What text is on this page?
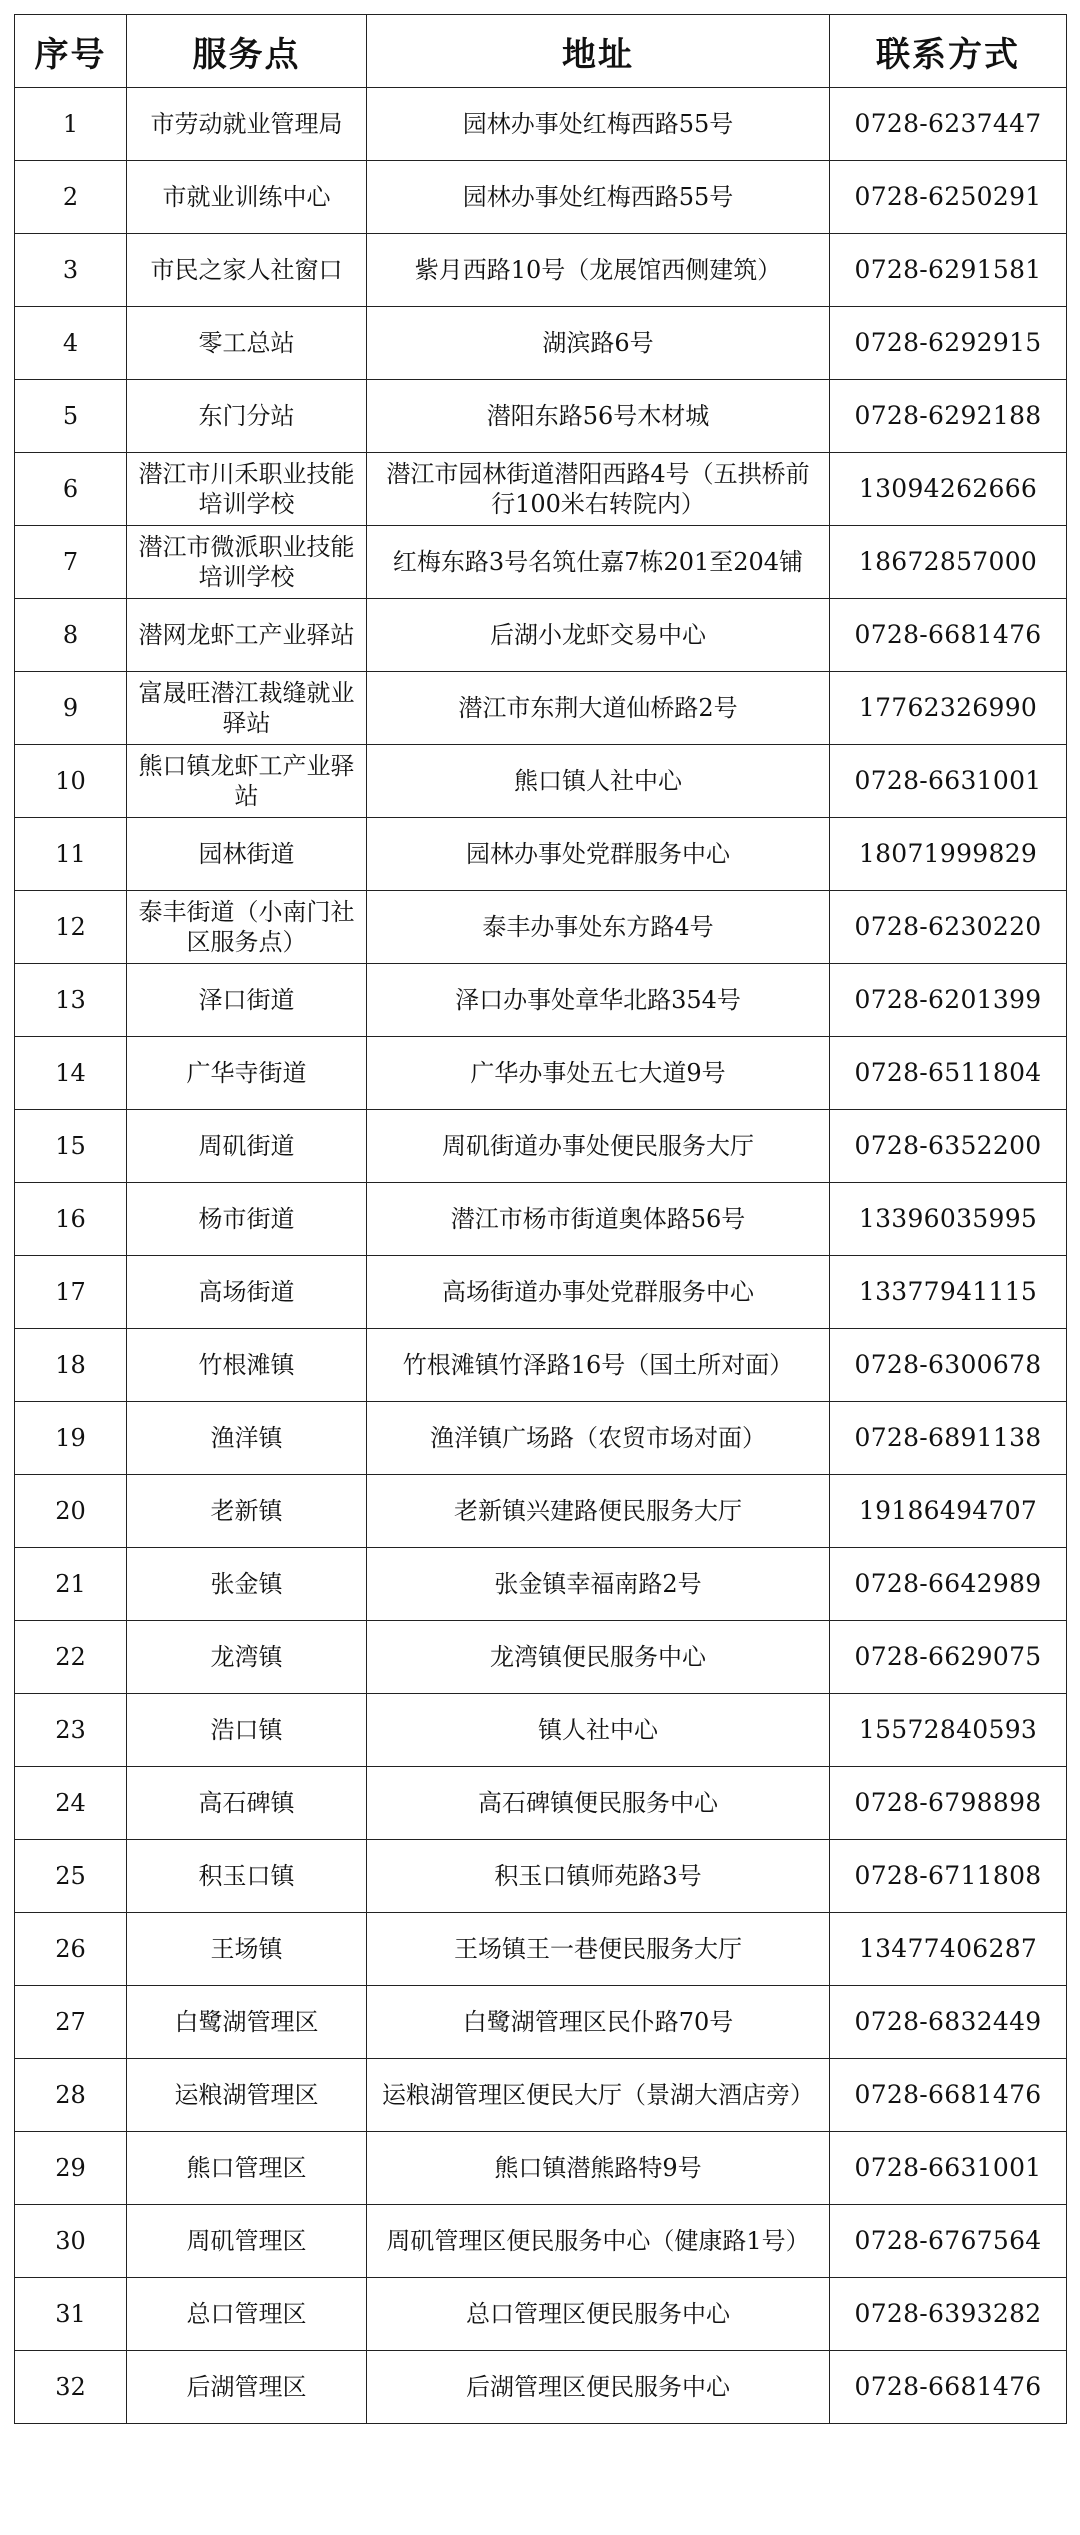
序号	服务点	地址	联系方式
1	市劳动就业管理局	园林办事处红梅西路55号	0728-6237447
2	市就业训练中心	园林办事处红梅西路55号	0728-6250291
3	市民之家人社窗口	紫月西路10号（龙展馆西侧建筑）	0728-6291581
4	零工总站	湖滨路6号	0728-6292915
5	东门分站	潜阳东路56号木材城	0728-6292188
6	潜江市川禾职业技能培训学校	潜江市园林街道潜阳西路4号（五拱桥前行100米右转院内）	13094262666
7	潜江市微派职业技能培训学校	红梅东路3号名筑仕嘉7栋201至204铺	18672857000
8	潜网龙虾工产业驿站	后湖小龙虾交易中心	0728-6681476
9	富晟旺潜江裁缝就业驿站	潜江市东荆大道仙桥路2号	17762326990
10	熊口镇龙虾工产业驿站	熊口镇人社中心	0728-6631001
11	园林街道	园林办事处党群服务中心	18071999829
12	泰丰街道（小南门社区服务点）	泰丰办事处东方路4号	0728-6230220
13	泽口街道	泽口办事处章华北路354号	0728-6201399
14	广华寺街道	广华办事处五七大道9号	0728-6511804
15	周矶街道	周矶街道办事处便民服务大厅	0728-6352200
16	杨市街道	潜江市杨市街道奥体路56号	13396035995
17	高场街道	高场街道办事处党群服务中心	13377941115
18	竹根滩镇	竹根滩镇竹泽路16号（国土所对面）	0728-6300678
19	渔洋镇	渔洋镇广场路（农贸市场对面）	0728-6891138
20	老新镇	老新镇兴建路便民服务大厅	19186494707
21	张金镇	张金镇幸福南路2号	0728-6642989
22	龙湾镇	龙湾镇便民服务中心	0728-6629075
23	浩口镇	镇人社中心	15572840593
24	高石碑镇	高石碑镇便民服务中心	0728-6798898
25	积玉口镇	积玉口镇师苑路3号	0728-6711808
26	王场镇	王场镇王一巷便民服务大厅	13477406287
27	白鹭湖管理区	白鹭湖管理区民仆路70号	0728-6832449
28	运粮湖管理区	运粮湖管理区便民大厅（景湖大酒店旁）	0728-6681476
29	熊口管理区	熊口镇潜熊路特9号	0728-6631001
30	周矶管理区	周矶管理区便民服务中心（健康路1号）	0728-6767564
31	总口管理区	总口管理区便民服务中心	0728-6393282
32	后湖管理区	后湖管理区便民服务中心	0728-6681476
